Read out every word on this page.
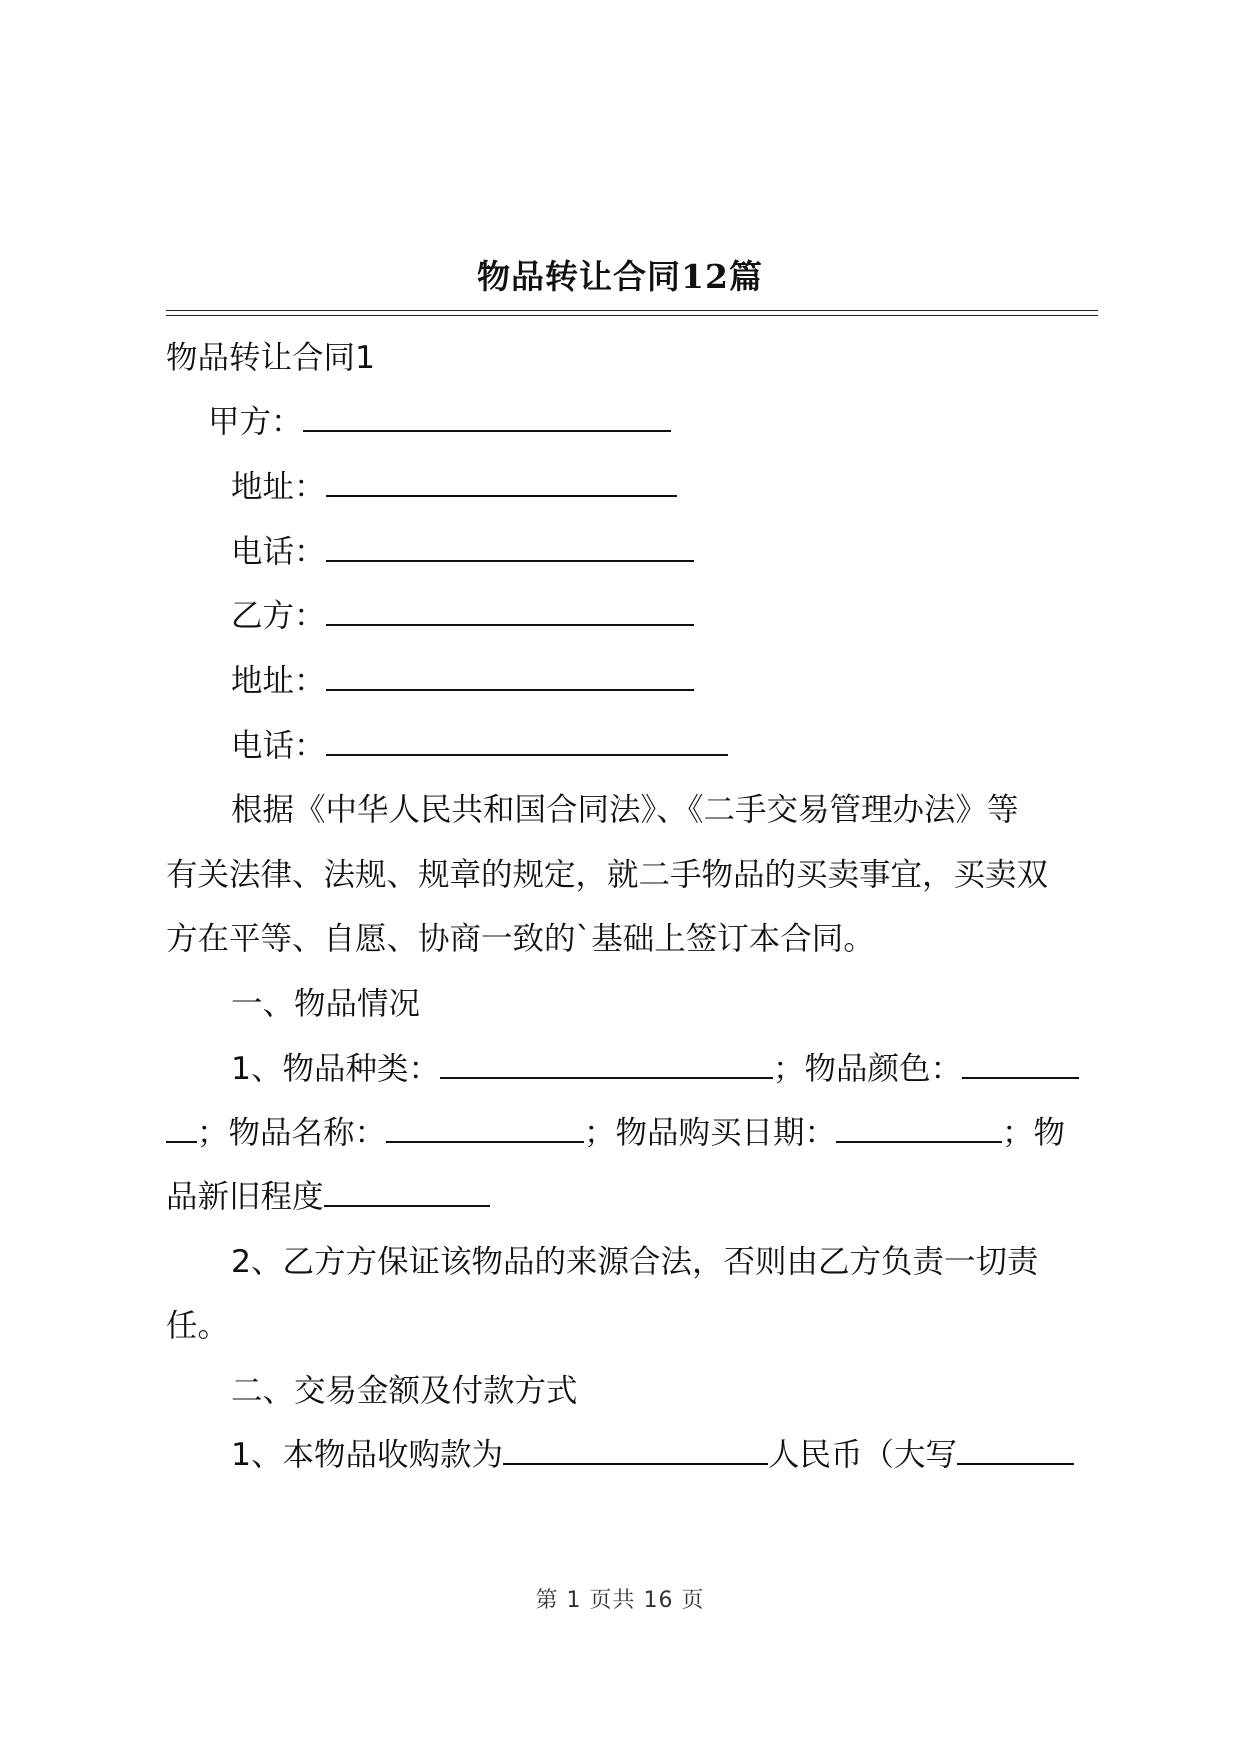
物品转让合同12篇
物品转让合同1
甲方：
地址：
电话：
乙方：
地址：
电话：
根据《中华人民共和国合同法》、《二手交易管理办法》等
有关法律、法规、规章的规定，就二手物品的买卖事宜，买卖双
方在平等、自愿、协商一致的`基础上签订本合同。
一、物品情况
1、物品种类：	；物品颜色：
；物品名称：	；物品购买日期：	；物
品新旧程度
2、乙方方保证该物品的来源合法，否则由乙方负责一切责
任。
二、交易金额及付款方式
1、本物品收购款为	人民币（大写
第 1 页共 16 页
